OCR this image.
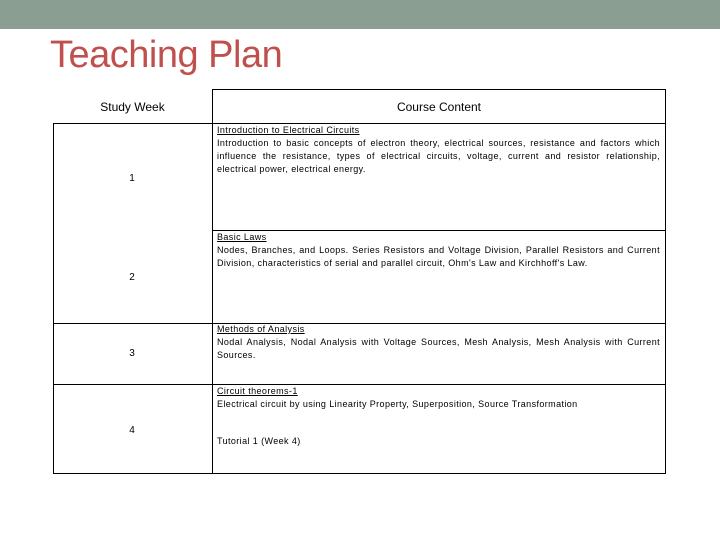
Teaching Plan
Study Week	Course Content
1
Introduction to Electrical Circuits
Introduction to basic concepts of electron theory, electrical sources, resistance and factors which influence the resistance, types of electrical circuits, voltage, current and resistor relationship, electrical power, electrical energy.
2
Basic Laws
Nodes, Branches, and Loops. Series Resistors and Voltage Division, Parallel Resistors and Current Division, characteristics of serial and parallel circuit, Ohm's Law and Kirchhoff's Law.
3
Methods of Analysis
Nodal Analysis, Nodal Analysis with Voltage Sources, Mesh Analysis, Mesh Analysis with Current Sources.
4
Circuit theorems-1
Electrical circuit by using Linearity Property, Superposition, Source Transformation
Tutorial 1 (Week 4)
